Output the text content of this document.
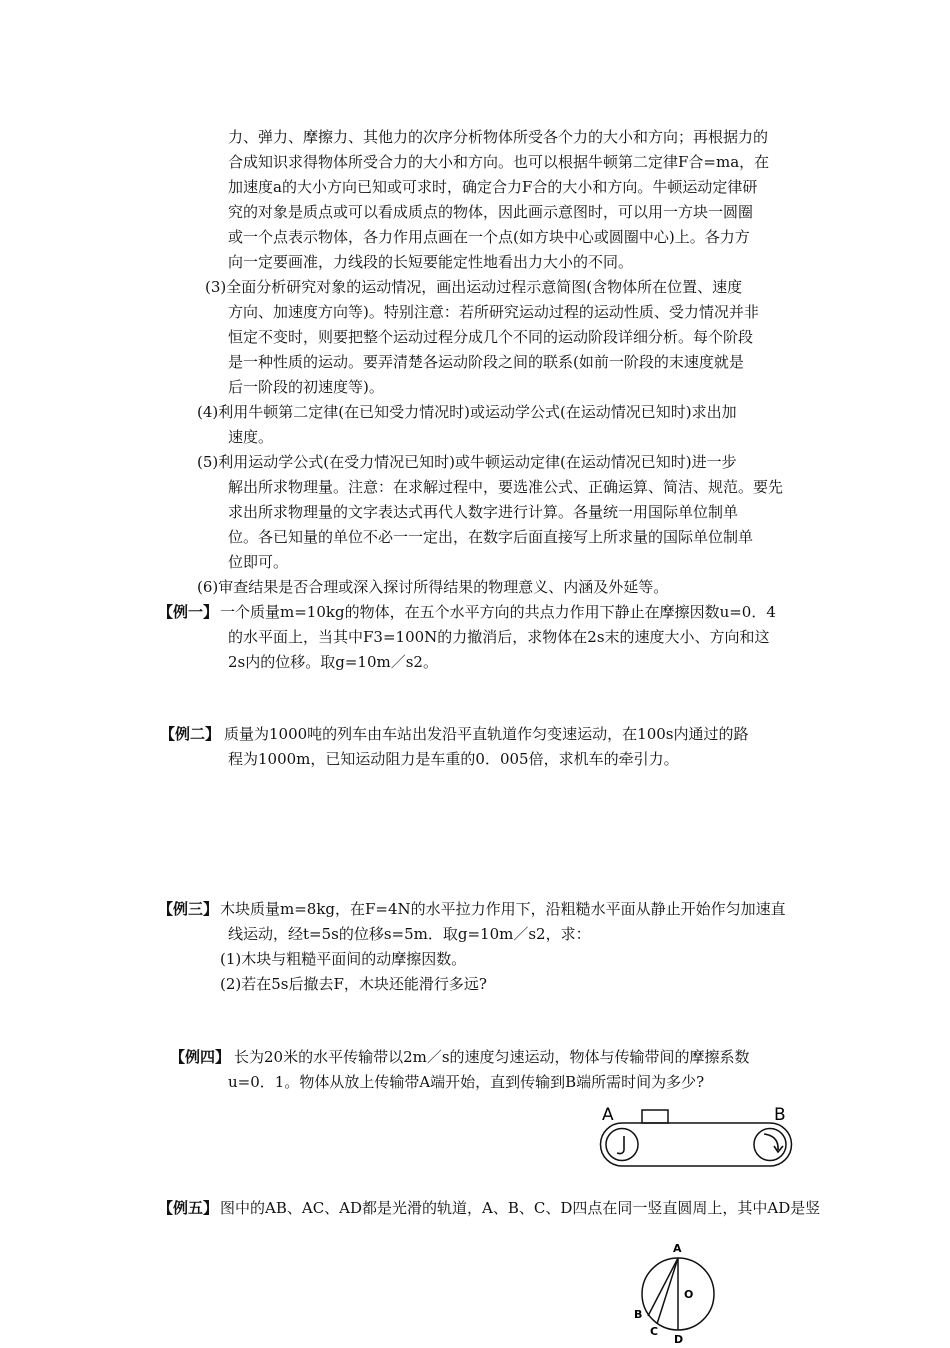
力、弹力、摩擦力、其他力的次序分析物体所受各个力的大小和方向；再根据力的
合成知识求得物体所受合力的大小和方向。也可以根据牛顿第二定律F合=ma，在
加速度a的大小方向已知或可求时，确定合力F合的大小和方向。牛顿运动定律研
究的对象是质点或可以看成质点的物体，因此画示意图时，可以用一方块一圆圈
或一个点表示物体，各力作用点画在一个点(如方块中心或圆圈中心)上。各力方
向一定要画准，力线段的长短要能定性地看出力大小的不同。
(3)全面分析研究对象的运动情况，画出运动过程示意简图(含物体所在位置、速度
方向、加速度方向等)。特别注意：若所研究运动过程的运动性质、受力情况并非
恒定不变时，则要把整个运动过程分成几个不同的运动阶段详细分析。每个阶段
是一种性质的运动。要弄清楚各运动阶段之间的联系(如前一阶段的末速度就是
后一阶段的初速度等)。
(4)利用牛顿第二定律(在已知受力情况时)或运动学公式(在运动情况已知时)求出加
速度。
(5)利用运动学公式(在受力情况已知时)或牛顿运动定律(在运动情况已知时)进一步
解出所求物理量。注意：在求解过程中，要选准公式、正确运算、简洁、规范。要先
求出所求物理量的文字表达式再代人数字进行计算。各量统一用国际单位制单
位。各已知量的单位不必一一定出，在数字后面直接写上所求量的国际单位制单
位即可。
(6)审查结果是否合理或深入探讨所得结果的物理意义、内涵及外延等。
【例一】 一个质量m=10kg的物体，在五个水平方向的共点力作用下静止在摩擦因数u=0．4
的水平面上，当其中F3=100N的力撤消后，求物体在2s末的速度大小、方向和这
2s内的位移。取g=10m／s2。
【例二】 质量为1000吨的列车由车站出发沿平直轨道作匀变速运动，在100s内通过的路
程为1000m，已知运动阻力是车重的0．005倍，求机车的牵引力。
【例三】 木块质量m=8kg，在F=4N的水平拉力作用下，沿粗糙水平面从静止开始作匀加速直
线运动，经t=5s的位移s=5m．取g=10m／s2，求：
(1)木块与粗糙平面间的动摩擦因数。
(2)若在5s后撤去F，木块还能滑行多远?
【例四】 长为20米的水平传输带以2m／s的速度匀速运动，物体与传输带间的摩擦系数
u=0．1。物体从放上传输带A端开始，直到传输到B端所需时间为多少?
A	B
【例五】 图中的AB、AC、AD都是光滑的轨道，A、B、C、D四点在同一竖直圆周上，其中AD是竖
A
O
B
C
D
